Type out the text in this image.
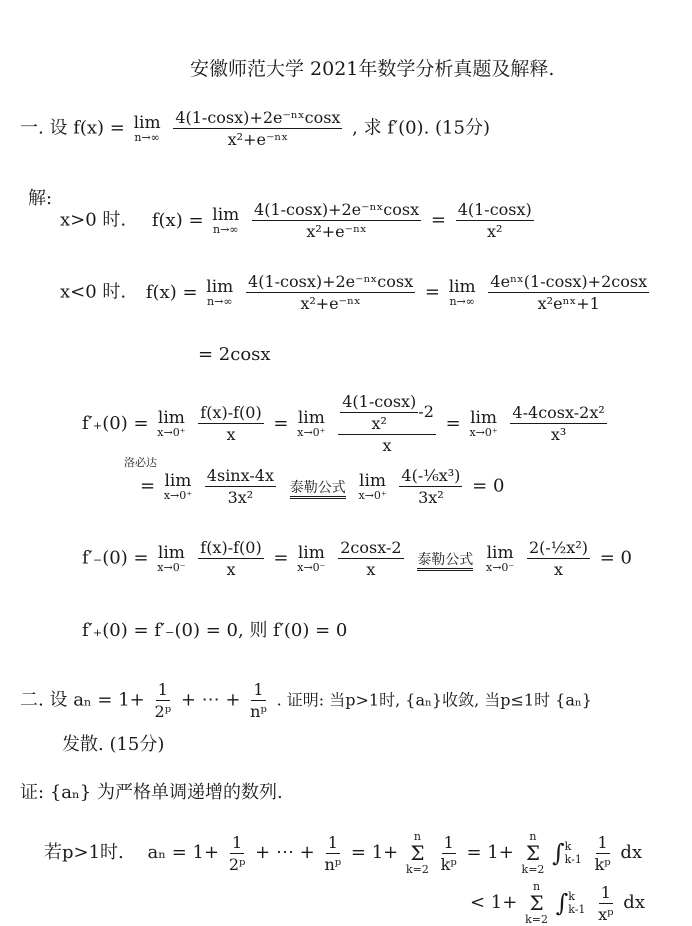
安徽师范大学 2021年数学分析真题及解释.
一. 设 f(x) = lim
n→∞
$\frac{\text{4(1-cosx)+2e⁻ⁿˣcosx}}{\text{x²+e⁻ⁿˣ}}$ , 求 f′(0). (15分)
解:
x>0 时. f(x) = lim
n→∞
$\frac{\text{4(1-cosx)+2e⁻ⁿˣcosx}}{\text{x²+e⁻ⁿˣ}} = \frac{4(1-\cos x)}{\text{x²}}$
x<0 时. f(x) = lim
n→∞
$\frac{\text{4(1-cosx)+2e⁻ⁿˣcosx}}{\text{x²+e⁻ⁿˣ}} = \lim$
n→∞
$\frac{\text{4eⁿˣ(1-cosx)+2cosx}}{\text{x²eⁿˣ+1}}$
= 2cosx
f′₊(0) = lim
x→0⁺
$\frac{f(x)-f(0)}{x} = \lim$
x→0⁺
$\frac{\frac{4(1-\cos x)}{\text{x²}} -2}{x} = \lim$
x→0⁺
$\frac{\text{4-4cosx-2x²}}{\text{x³}}$
洛必达
= lim
x→0⁺
$\frac{4\sin x-4x}{\text{3x²}}$ 泰勒公式 lim
x→0⁺
$\frac{\text{4(-⅙x³)}}{\text{3x²}} = 0$
f′₋(0) = lim
x→0⁻
$\frac{f(x)-f(0)}{x} = \lim$
x→0⁻
$\frac{2\cos x-2}{x}$ 泰勒公式 lim
x→0⁻
$\frac{\text{2(-½x²)}}{x} = 0$
f′₊(0) = f′₋(0) = 0, 则 f′(0) = 0
二. 设 $a_n = 1+ \frac{1}{\text{2ᵖ}}$ + ⋯ + $\frac{1}{\text{nᵖ}}$ . 证明: 当p>1时, {aₙ}收敛, 当p≤1时 {aₙ}
发散. (15分)
证: {aₙ} 为严格单调递增的数列.
若p>1时. $a_n = 1+ \frac{1}{\text{2ᵖ}}$ + ⋯ + $\frac{1}{\text{nᵖ}} = 1+$
n
Σ
k=2
$\frac{1}{\text{kᵖ}} = 1+$
n
Σ
k=2
∫ k
k-1
$\frac{1}{\text{kᵖ}}$ dx
< 1+
n
Σ
k=2
∫ k
k-1
$\frac{1}{\text{xᵖ}}$ dx
